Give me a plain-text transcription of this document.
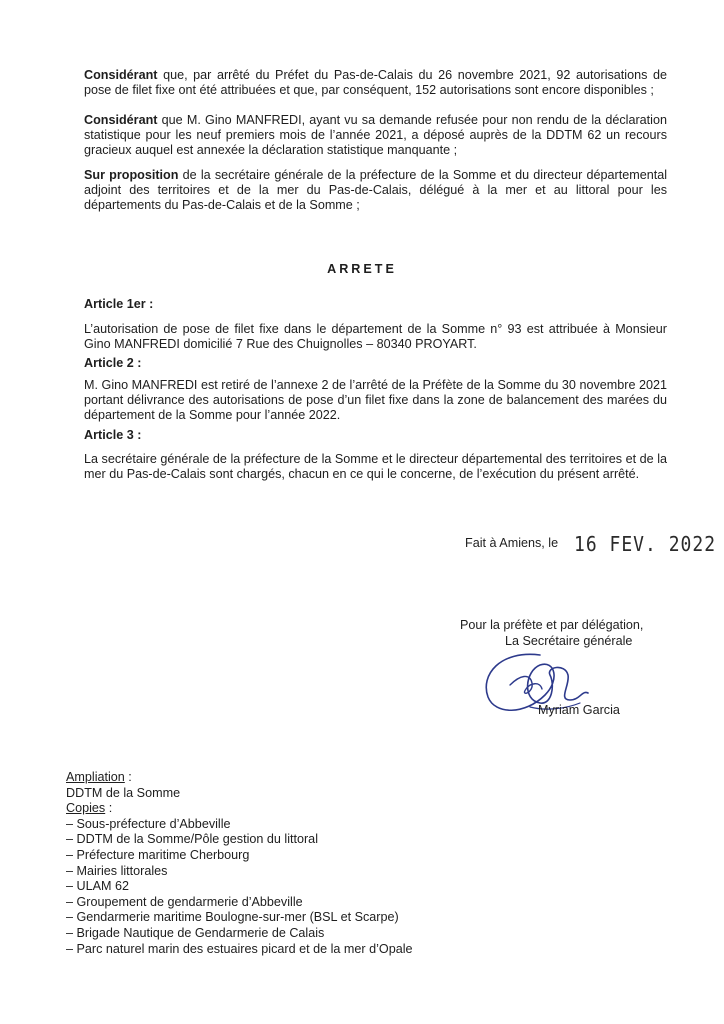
Considérant que, par arrêté du Préfet du Pas-de-Calais du 26 novembre 2021, 92 autorisations de pose de filet fixe ont été attribuées et que, par conséquent, 152 autorisations sont encore disponibles ;

Considérant que M. Gino MANFREDI, ayant vu sa demande refusée pour non rendu de la déclaration statistique pour les neuf premiers mois de l’année 2021, a déposé auprès de la DDTM 62 un recours gracieux auquel est annexée la déclaration statistique manquante ;

Sur proposition de la secrétaire générale de la préfecture de la Somme et du directeur départemental adjoint des territoires et de la mer du Pas-de-Calais, délégué à la mer et au littoral pour les départements du Pas-de-Calais et de la Somme ;

ARRETE
Article 1er :

L’autorisation de pose de filet fixe dans le département de la Somme n° 93 est attribuée à Monsieur Gino MANFREDI domicilié 7 Rue des Chuignolles – 80340 PROYART.

Article 2 :

M. Gino MANFREDI est retiré de l’annexe 2 de l’arrêté de la Préfète de la Somme du 30 novembre 2021 portant délivrance des autorisations de pose d’un filet fixe dans la zone de balancement des marées du département de la Somme pour l’année 2022.

Article 3 :

La secrétaire générale de la préfecture de la Somme et le directeur départemental des territoires et de la mer du Pas-de-Calais sont chargés, chacun en ce qui le concerne, de l’exécution du présent arrêté.

Fait à Amiens, le 16 FEV. 2022
Pour la préfète et par délégation,
La Secrétaire générale
Myriam Garcia
Ampliation :
DDTM de la Somme
Copies :
– Sous-préfecture d’Abbeville
– DDTM de la Somme/Pôle gestion du littoral
– Préfecture maritime Cherbourg
– Mairies littorales
– ULAM 62
– Groupement de gendarmerie d’Abbeville
– Gendarmerie maritime Boulogne-sur-mer (BSL et Scarpe)
– Brigade Nautique de Gendarmerie de Calais
– Parc naturel marin des estuaires picard et de la mer d’Opale
